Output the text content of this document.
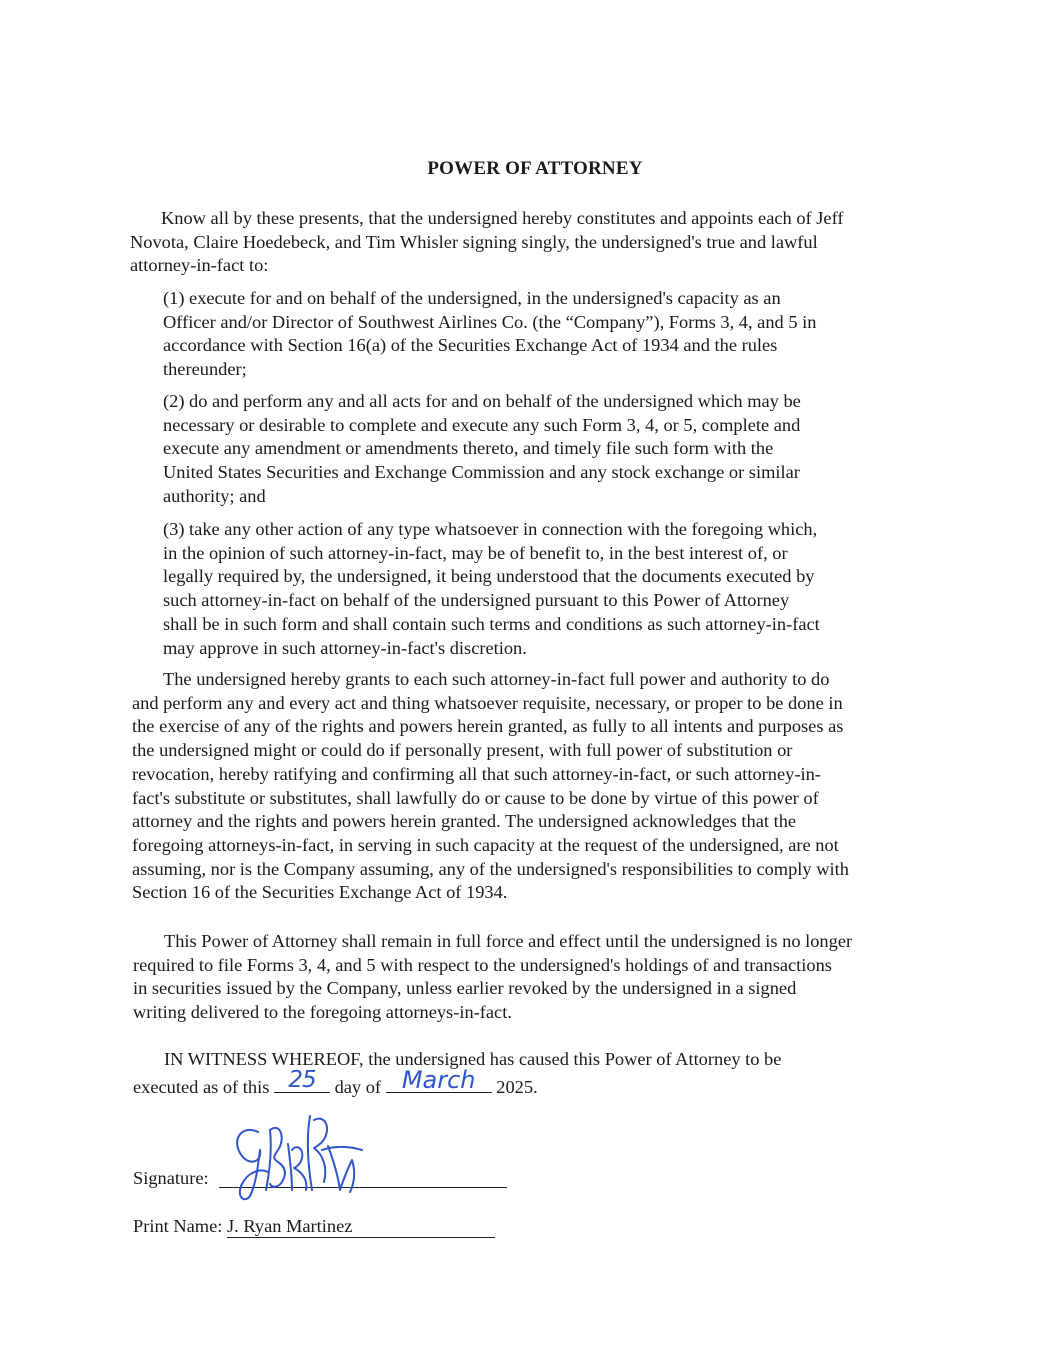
POWER OF ATTORNEY
Know all by these presents, that the undersigned hereby constitutes and appoints each of Jeff
Novota, Claire Hoedebeck, and Tim Whisler signing singly, the undersigned's true and lawful
attorney-in-fact to:
(1) execute for and on behalf of the undersigned, in the undersigned's capacity as an
Officer and/or Director of Southwest Airlines Co. (the “Company”), Forms 3, 4, and 5 in
accordance with Section 16(a) of the Securities Exchange Act of 1934 and the rules
thereunder;
(2) do and perform any and all acts for and on behalf of the undersigned which may be
necessary or desirable to complete and execute any such Form 3, 4, or 5, complete and
execute any amendment or amendments thereto, and timely file such form with the
United States Securities and Exchange Commission and any stock exchange or similar
authority; and
(3) take any other action of any type whatsoever in connection with the foregoing which,
in the opinion of such attorney-in-fact, may be of benefit to, in the best interest of, or
legally required by, the undersigned, it being understood that the documents executed by
such attorney-in-fact on behalf of the undersigned pursuant to this Power of Attorney
shall be in such form and shall contain such terms and conditions as such attorney-in-fact
may approve in such attorney-in-fact's discretion.
The undersigned hereby grants to each such attorney-in-fact full power and authority to do
and perform any and every act and thing whatsoever requisite, necessary, or proper to be done in
the exercise of any of the rights and powers herein granted, as fully to all intents and purposes as
the undersigned might or could do if personally present, with full power of substitution or
revocation, hereby ratifying and confirming all that such attorney-in-fact, or such attorney-in-
fact's substitute or substitutes, shall lawfully do or cause to be done by virtue of this power of
attorney and the rights and powers herein granted. The undersigned acknowledges that the
foregoing attorneys-in-fact, in serving in such capacity at the request of the undersigned, are not
assuming, nor is the Company assuming, any of the undersigned's responsibilities to comply with
Section 16 of the Securities Exchange Act of 1934.
This Power of Attorney shall remain in full force and effect until the undersigned is no longer
required to file Forms 3, 4, and 5 with respect to the undersigned's holdings of and transactions
in securities issued by the Company, unless earlier revoked by the undersigned in a signed
writing delivered to the foregoing attorneys-in-fact.
IN WITNESS WHEREOF, the undersigned has caused this Power of Attorney to be
executed as of this 25	day of March	2025.
Signature:
Print Name: J. Ryan Martinez
